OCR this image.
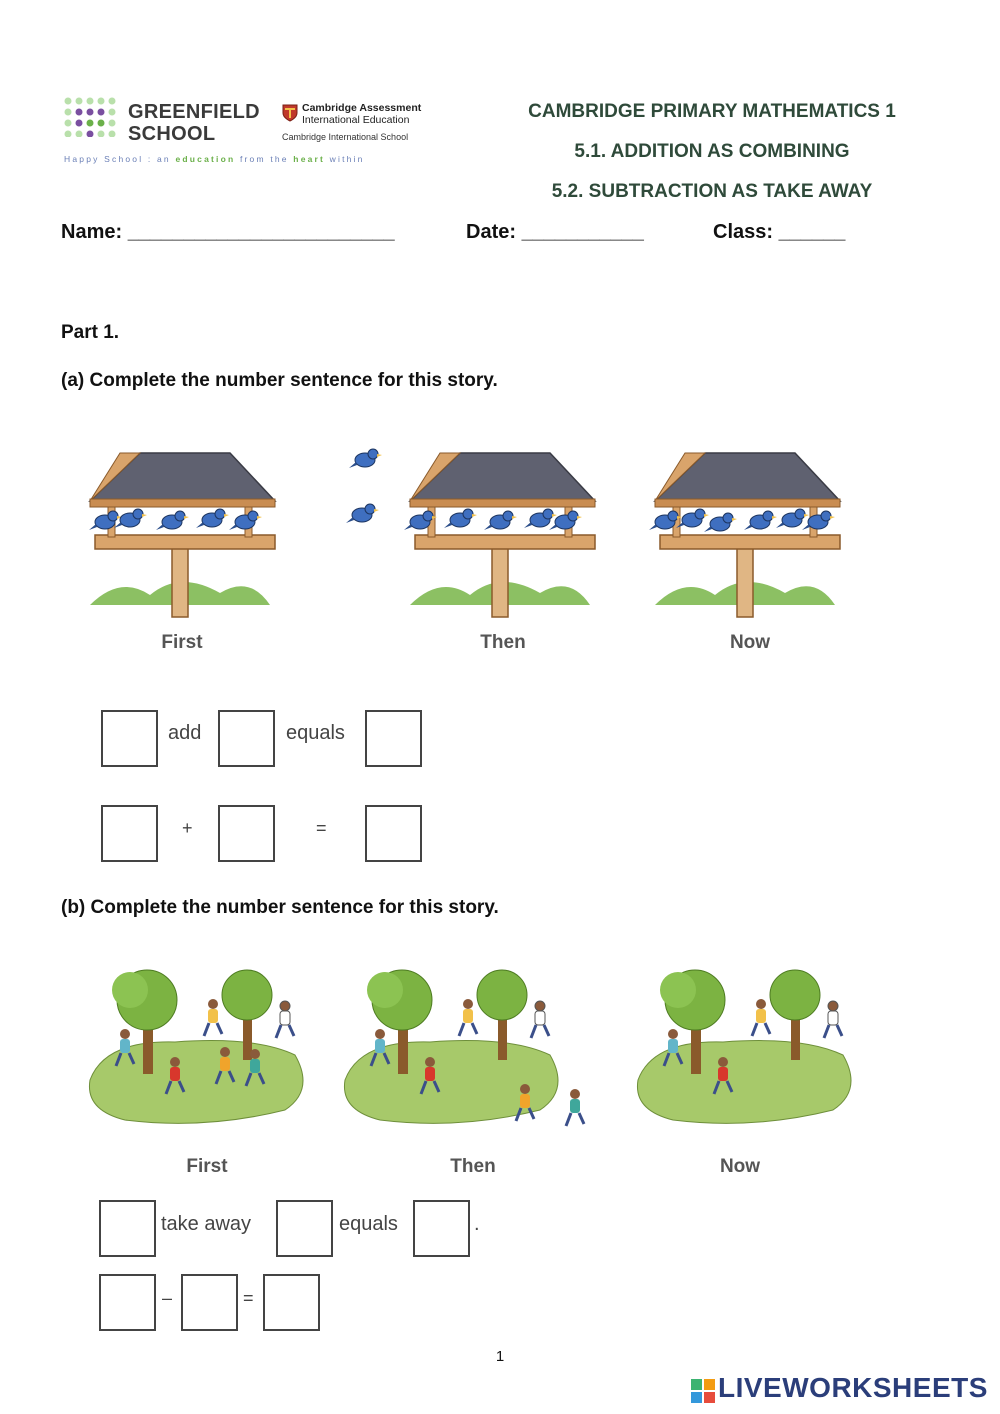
GREENFIELD
SCHOOL
Cambridge Assessment
International Education
Cambridge International School
Happy School : an education from the heart within
CAMBRIDGE PRIMARY MATHEMATICS 1
5.1. ADDITION AS COMBINING
5.2. SUBTRACTION AS TAKE AWAY
Name: ________________________	Date: ___________	Class: ______
Part 1.
(a) Complete the number sentence for this story.
First	Then	Now
add	equals
+	=
(b) Complete the number sentence for this story.
First	Then	Now
take away	equals	.
–	=
1
LIVEWORKSHEETS
